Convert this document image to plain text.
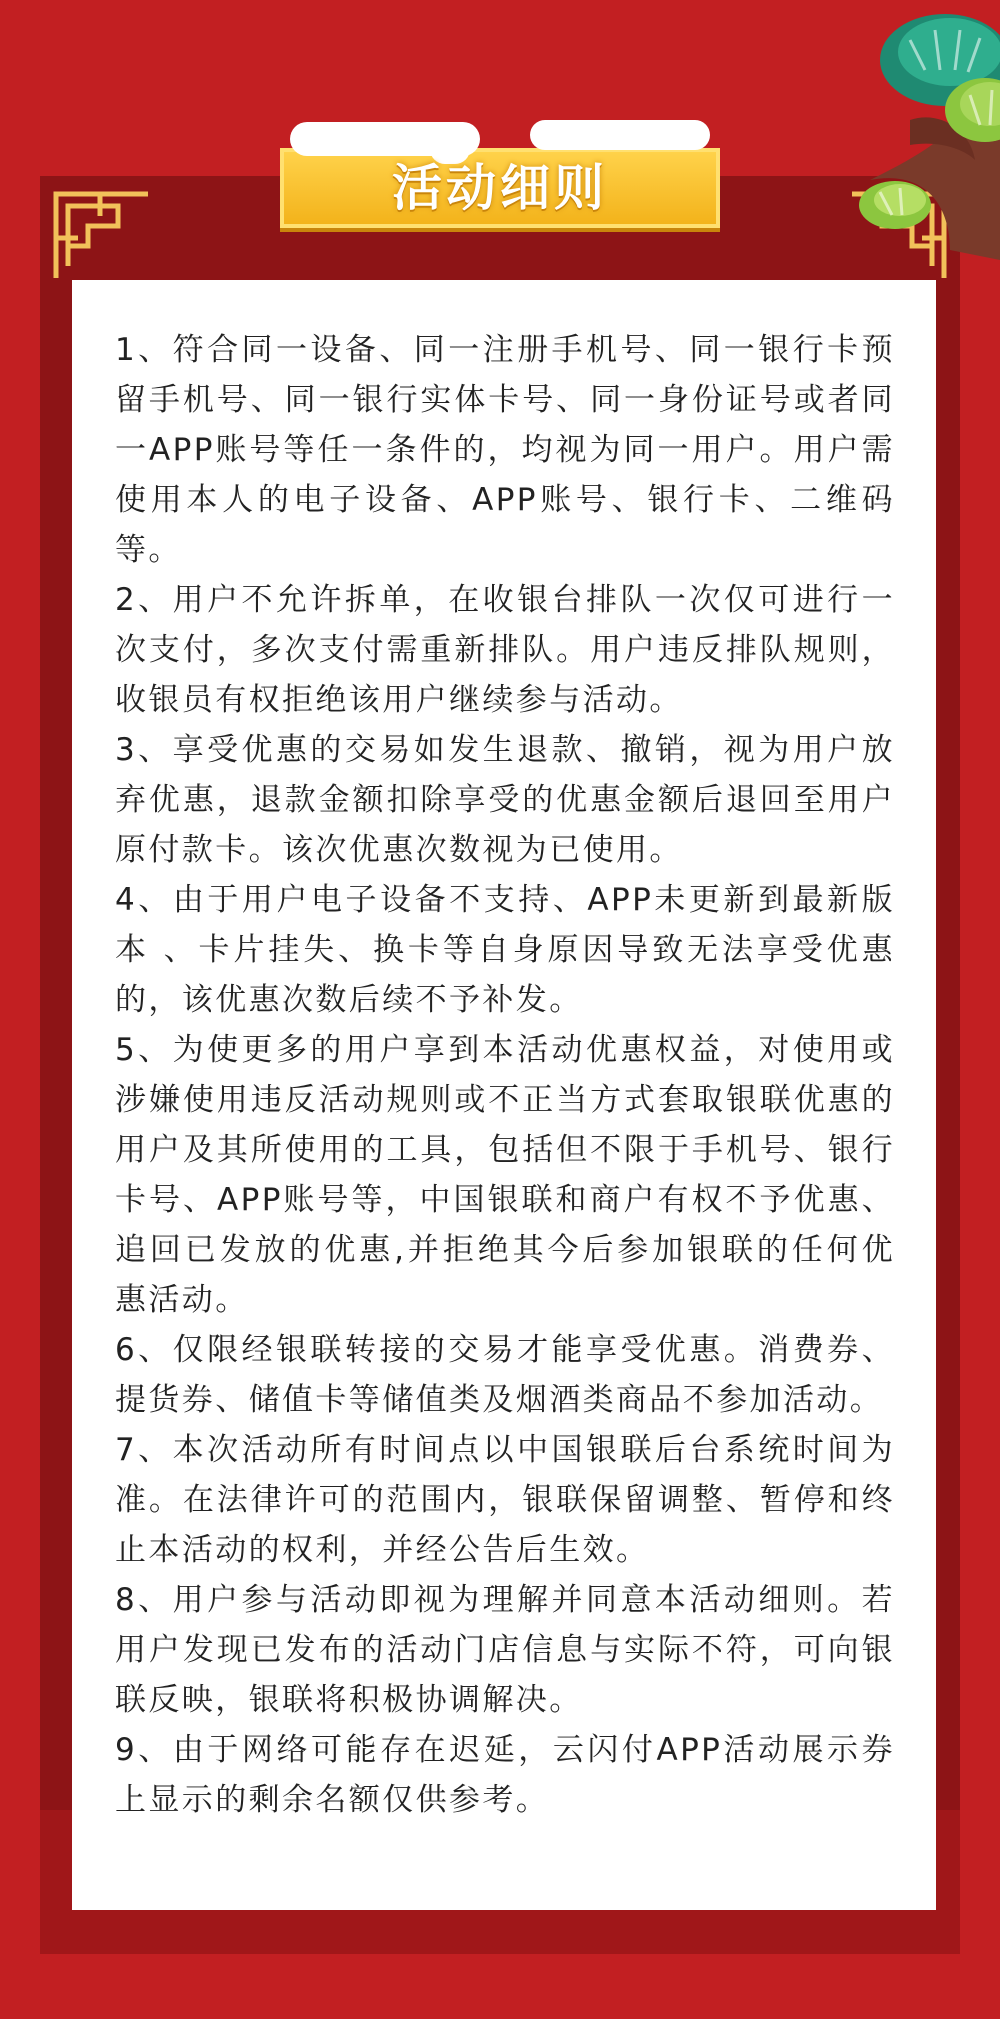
活动细则

1、符合同一设备、同一注册手机号、同一银行卡预留手机号、同一银行实体卡号、同一身份证号或者同一APP账号等任一条件的，均视为同一用户。用户需使用本人的电子设备、APP账号、银行卡、二维码等。

2、用户不允许拆单，在收银台排队一次仅可进行一次支付，多次支付需重新排队。用户违反排队规则，收银员有权拒绝该用户继续参与活动。

3、享受优惠的交易如发生退款、撤销，视为用户放弃优惠，退款金额扣除享受的优惠金额后退回至用户原付款卡。该次优惠次数视为已使用。

4、由于用户电子设备不支持、APP未更新到最新版本 、卡片挂失、换卡等自身原因导致无法享受优惠的，该优惠次数后续不予补发。

5、为使更多的用户享到本活动优惠权益，对使用或涉嫌使用违反活动规则或不正当方式套取银联优惠的用户及其所使用的工具，包括但不限于手机号、银行卡号、APP账号等，中国银联和商户有权不予优惠、追回已发放的优惠,并拒绝其今后参加银联的任何优惠活动。

6、仅限经银联转接的交易才能享受优惠。消费券、提货券、储值卡等储值类及烟酒类商品不参加活动。

7、本次活动所有时间点以中国银联后台系统时间为准。在法律许可的范围内，银联保留调整、暂停和终止本活动的权利，并经公告后生效。

8、用户参与活动即视为理解并同意本活动细则。若用户发现已发布的活动门店信息与实际不符，可向银联反映，银联将积极协调解决。

9、由于网络可能存在迟延，云闪付APP活动展示券上显示的剩余名额仅供参考。
